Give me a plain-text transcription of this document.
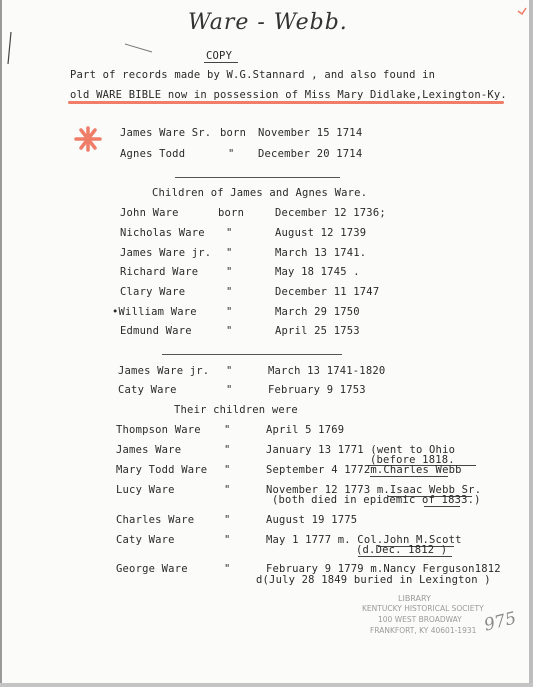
Ware - Webb.
COPY
Part of records made by W.G.Stannard , and also found in
old WARE BIBLE now in possession of Miss Mary Didlake,Lexington-Ky.
James Ware Sr. born November 15 1714
Agnes Todd	" December 20 1714
Children of James and Agnes Ware.
John Ware	born	December 12 1736;
Nicholas Ware "	August 12 1739
James Ware jr. "	March 13 1741.
Richard Ware	"	May 18 1745 .
Clary Ware	"	December 11 1747
•William Ware	"	March 29 1750
Edmund Ware	"	April 25 1753
James Ware jr. "	March 13 1741-1820
Caty Ware	"	February 9 1753
Their children were
Thompson Ware "	April 5 1769
James Ware	"	January 13 1771 (went to Ohio
(before 1818.
Mary Todd Ware "	September 4 1772m.Charles Webb
Lucy Ware	"	November 12 1773 m.Isaac Webb Sr.
(both died in epidemic of 1833.)
Charles Ware	"	August 19 1775
Caty Ware	"	May 1 1777 m. Col.John M.Scott
(d.Dec. 1812 )
George Ware	"	February 9 1779 m.Nancy Ferguson1812
d(July 28 1849 buried in Lexington )
LIBRARY
KENTUCKY HISTORICAL SOCIETY
100 WEST BROADWAY
FRANKFORT, KY 40601-1931 975
